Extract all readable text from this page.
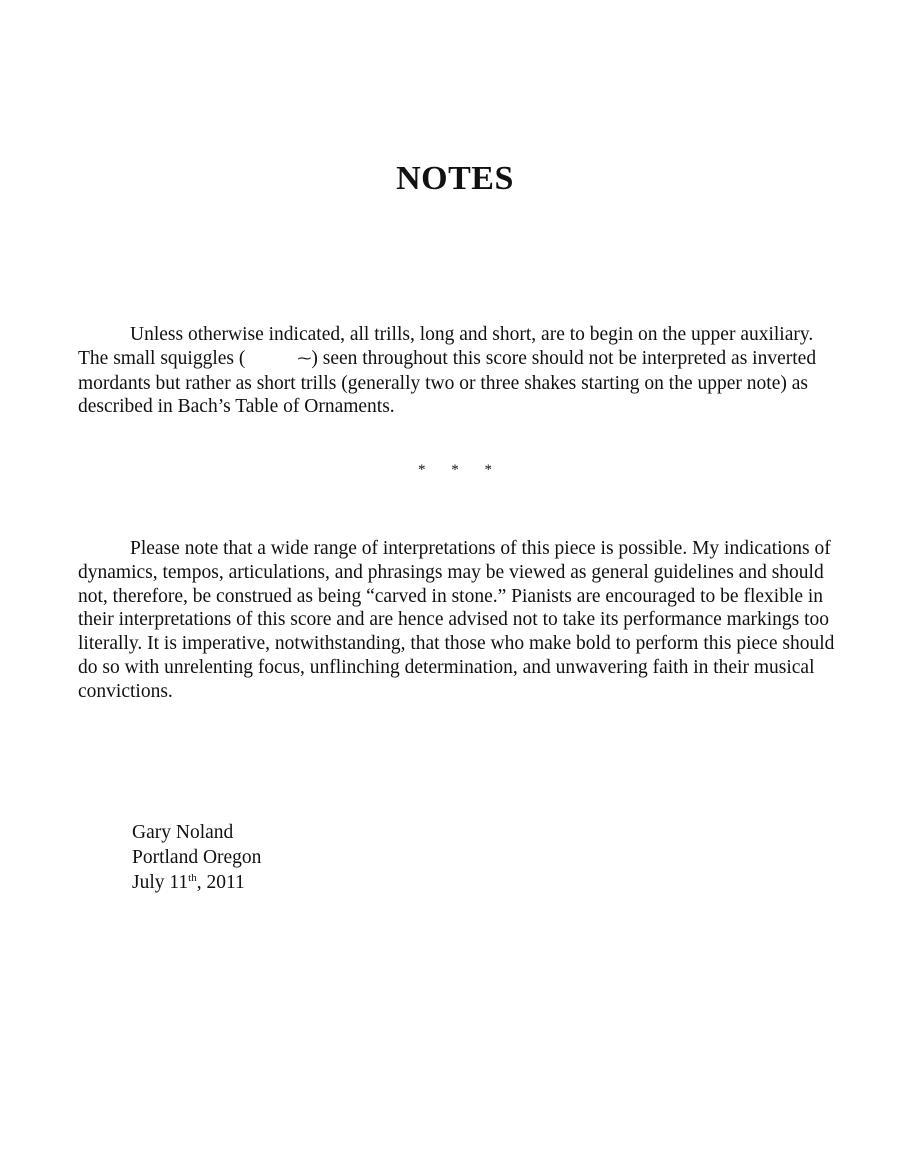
NOTES

Unless otherwise indicated, all trills, long and short, are to begin on the upper auxiliary. The small squiggles (	⁓) seen throughout this score should not be interpreted as inverted mordants but rather as short trills (generally two or three shakes starting on the upper note) as described in Bach’s Table of Ornaments.

* * *

Please note that a wide range of interpretations of this piece is possible. My indications of dynamics, tempos, articulations, and phrasings may be viewed as general guidelines and should not, therefore, be construed as being “carved in stone.” Pianists are encouraged to be flexible in their interpretations of this score and are hence advised not to take its performance markings too literally. It is imperative, notwithstanding, that those who make bold to perform this piece should do so with unrelenting focus, unflinching determination, and unwavering faith in their musical convictions.

Gary Noland
Portland Oregon
July 11th, 2011
